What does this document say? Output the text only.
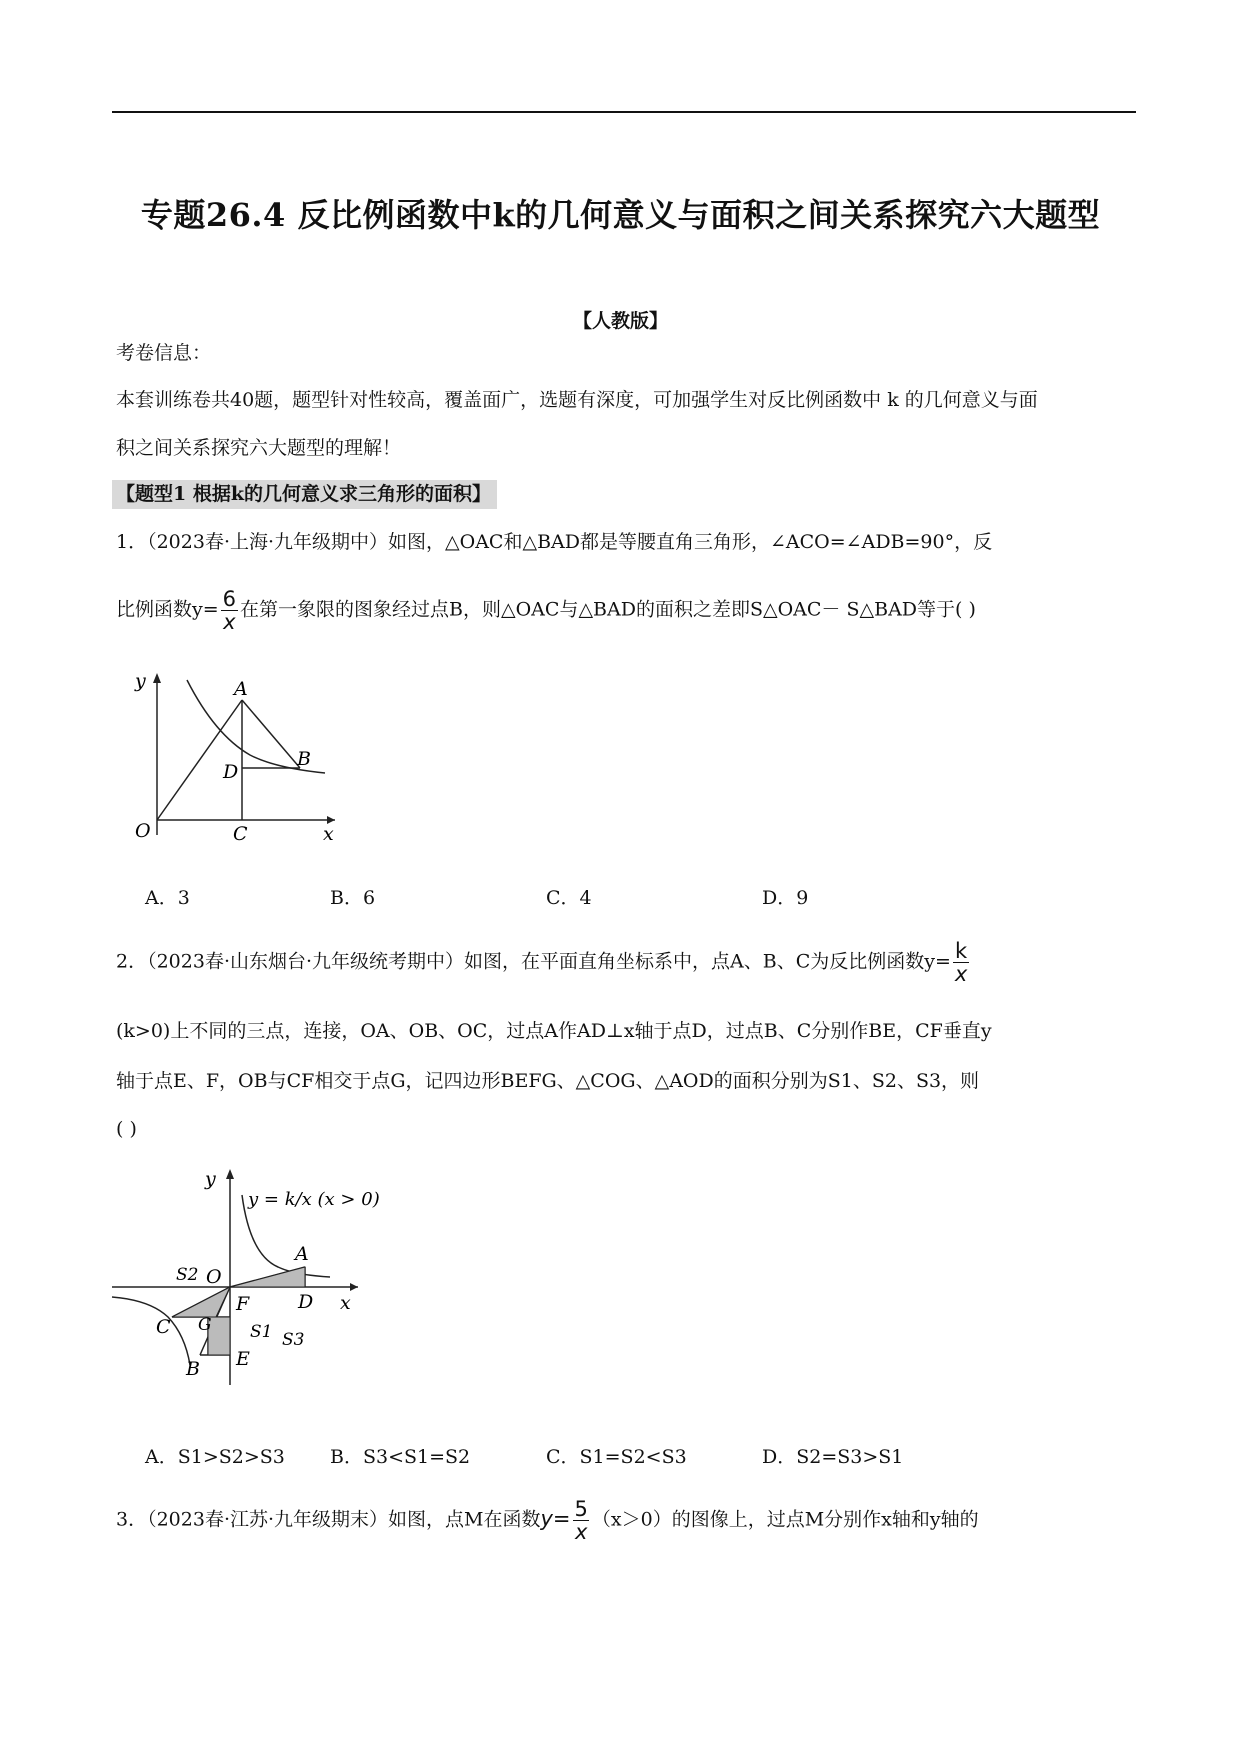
专题26.4 反比例函数中k的几何意义与面积之间关系探究六大题型
【人教版】
考卷信息：
本套训练卷共40题，题型针对性较高，覆盖面广，选题有深度，可加强学生对反比例函数中 k 的几何意义与面
积之间关系探究六大题型的理解！
【题型1 根据k的几何意义求三角形的面积】
1．（2023春·上海·九年级期中）如图，△OAC和△BAD都是等腰直角三角形，∠ACO=∠ADB=90°，反
比例函数$y= \frac{6}{x}$ 在第一象限的图象经过点B，则△OAC与△BAD的面积之差即S△OAC－ S△BAD等于( )
y
x
O
A
B
C
D
A．3	B．6	C．4	D．9
2．（2023春·山东烟台·九年级统考期中）如图，在平面直角坐标系中，点A、B、C为反比例函数$y= \frac{k}{x}$
(k>0)上不同的三点，连接，OA、OB、OC，过点A作AD⊥x轴于点D，过点B、C分别作BE，CF垂直y
轴于点E、F，OB与CF相交于点G，记四边形BEFG、△COG、△AOD的面积分别为S1、S2、S3，则
( )
y
x
y = k/x (x > 0)
O
A
D
C
B
F
E
G
S2
S1 S3
A．S1>S2>S3 B．S3<S1=S2	C．S1=S2<S3	D．S2=S3>S1
3．（2023春·江苏·九年级期末）如图，点M在函数$y= \frac{5}{x} (x>0)$的图像上，过点M分别作x轴和y轴的
